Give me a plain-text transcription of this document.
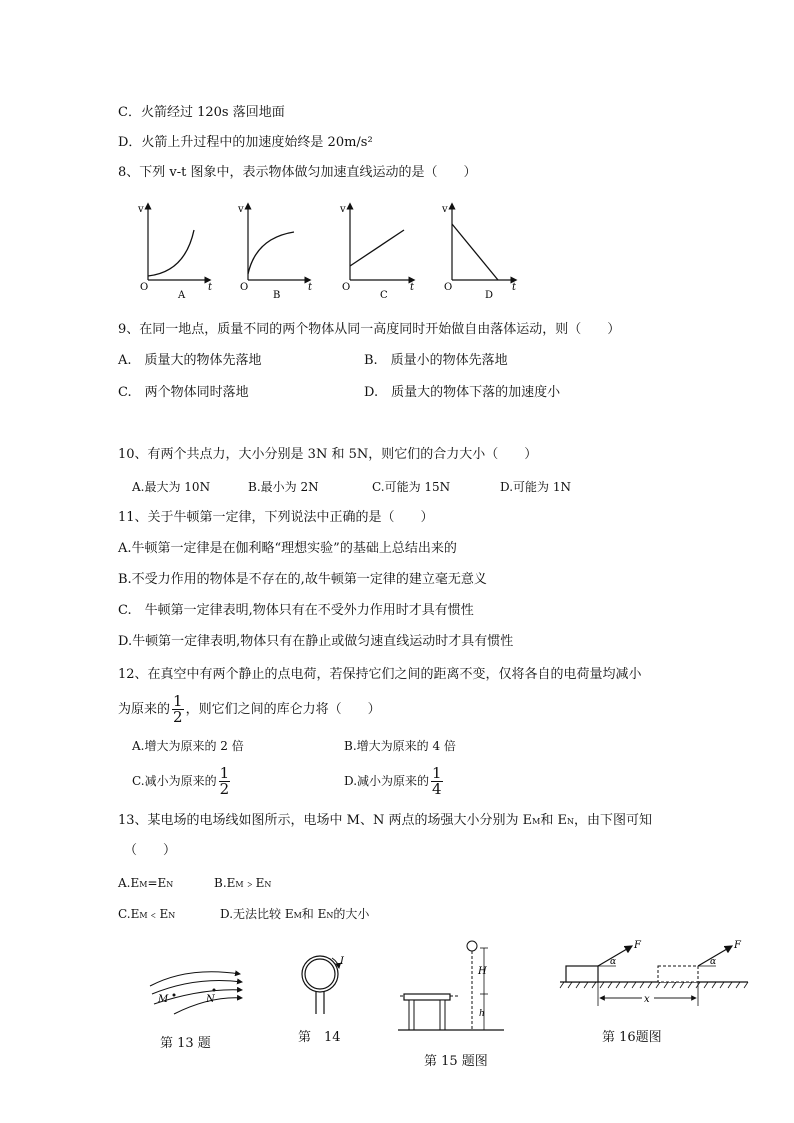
C．火箭经过 120s 落回地面
D．火箭上升过程中的加速度始终是 20m/s²
8、下列 v-t 图象中，表示物体做匀加速直线运动的是（　　）
v
O	t
A
v
O	t
B
v
O	t
C
v
O	t
D
9、在同一地点，质量不同的两个物体从同一高度同时开始做自由落体运动，则（　　）
A.　质量大的物体先落地	B.　质量小的物体先落地
C.　两个物体同时落地	D.　质量大的物体下落的加速度小
10、有两个共点力，大小分别是 3N 和 5N，则它们的合力大小（　　）
A.最大为 10N	B.最小为 2N	C.可能为 15N	D.可能为 1N
11、关于牛顿第一定律，下列说法中正确的是（　　）
A.牛顿第一定律是在伽利略“理想实验”的基础上总结出来的
B.不受力作用的物体是不存在的,故牛顿第一定律的建立毫无意义
C.　牛顿第一定律表明,物体只有在不受外力作用时才具有惯性
D.牛顿第一定律表明,物体只有在静止或做匀速直线运动时才具有惯性
12、在真空中有两个静止的点电荷，若保持它们之间的距离不变，仅将各自的电荷量均减小
为原来的 $\frac{1}{2}$ ，则它们之间的库仑力将（　　）
A.增大为原来的 2 倍	B.增大为原来的 4 倍
C.减小为原来的 $\frac{1}{2}$	D.减小为原来的 $\frac{1}{4}$
13、某电场的电场线如图所示，电场中 M、N 两点的场强大小分别为 EM和 EN，由下图可知
（　　）
A.EM=EN	B.EM﹥EN
C.EM﹤EN	D.无法比较 EM和 EN的大小
M	N
第 13 题
I
第　14
H
h
第 15 题图
F
α
F
α
x
第 16题图
